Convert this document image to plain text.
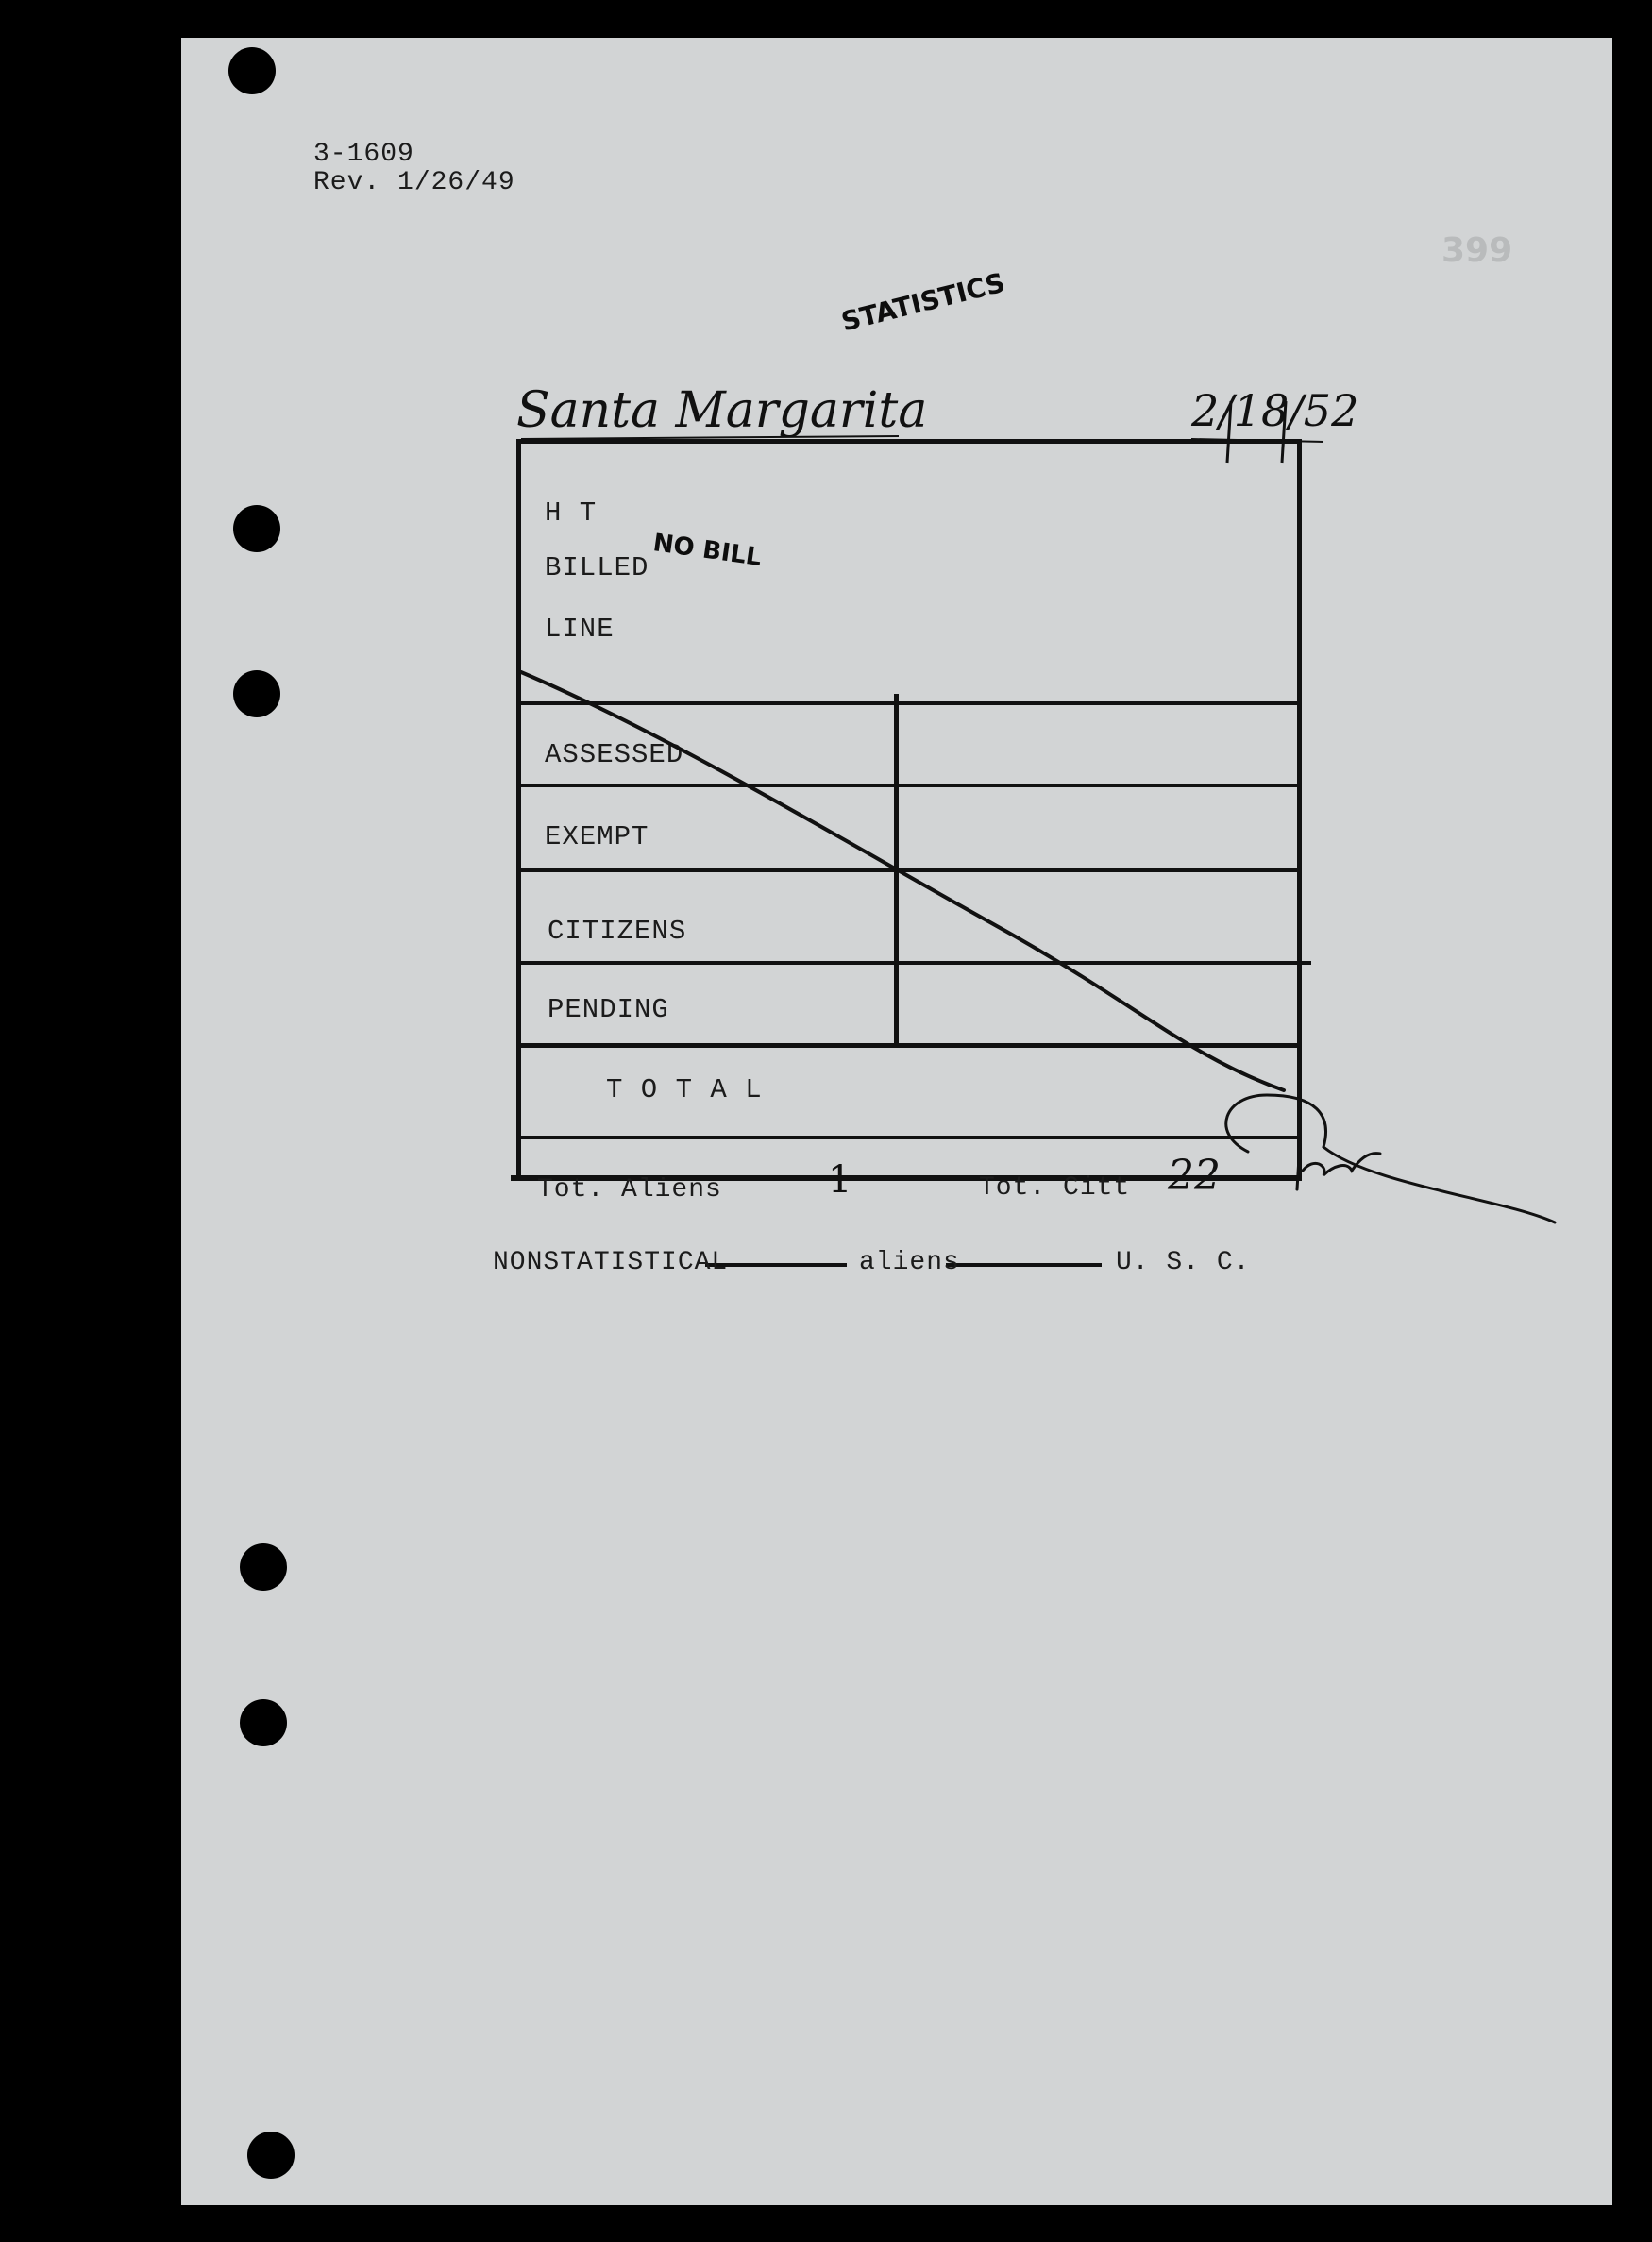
3-1609
Rev. 1/26/49
399
STATISTICS
Santa Margarita	2/18/52
H T
BILLED
LINE
NO BILL
ASSESSED
EXEMPT
CITIZENS
PENDING
T O T A L
Tot. Aliens	1	Tot. Citt 22
NONSTATISTICAL	aliens	U. S. C.
